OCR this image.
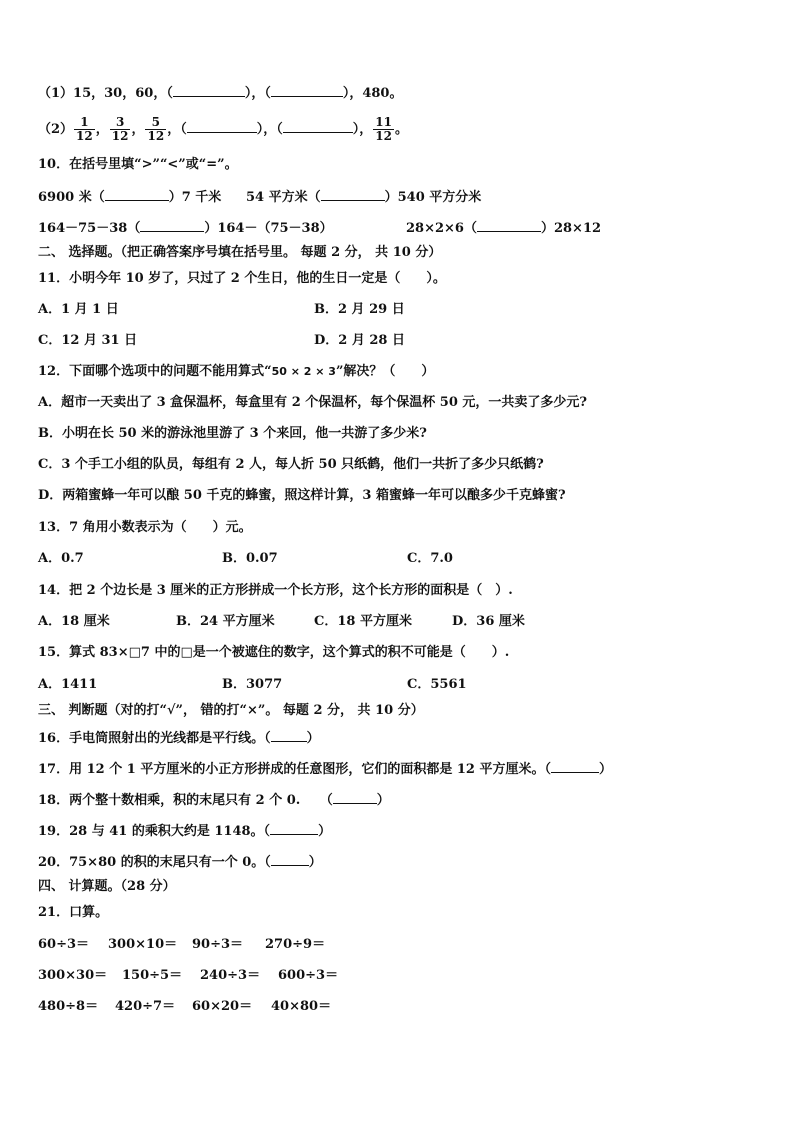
（1）15，30，60，（	），（	），480。
$(2) \frac{1}{12}$ ， $\frac{3}{12}$ ， $\frac{5}{12}$ ，（	），（	）， $\frac{11}{12}$ 。
10．在括号里填“>”“<”或“=”。
6900 米（	）7 千米 54 平方米（	）540 平方分米
164－75－38（	）164－（75－38）	28×2×6（	）28×12
二、 选择题。（把正确答案序号填在括号里。 每题 2 分， 共 10 分）
11．小明今年 10 岁了，只过了 2 个生日，他的生日一定是（　　）。
A．1 月 1 日	B．2 月 29 日
C．12 月 31 日	D．2 月 28 日
12．下面哪个选项中的问题不能用算式“50 × 2 × 3”解决？（　　）
A．超市一天卖出了 3 盒保温杯，每盒里有 2 个保温杯，每个保温杯 50 元，一共卖了多少元?
B．小明在长 50 米的游泳池里游了 3 个来回，他一共游了多少米?
C．3 个手工小组的队员，每组有 2 人，每人折 50 只纸鹤，他们一共折了多少只纸鹤?
D．两箱蜜蜂一年可以酿 50 千克的蜂蜜，照这样计算，3 箱蜜蜂一年可以酿多少千克蜂蜜?
13．7 角用小数表示为（　　）元。
A．0.7	B．0.07	C．7.0
14．把 2 个边长是 3 厘米的正方形拼成一个长方形，这个长方形的面积是（　）.
A．18 厘米	B．24 平方厘米	C．18 平方厘米	D．36 厘米
15．算式 83×□7 中的□是一个被遮住的数字，这个算式的积不可能是（　　）.
A．1411	B．3077	C．5561
三、 判断题（对的打“√”， 错的打“×”。 每题 2 分， 共 10 分）
16．手电筒照射出的光线都是平行线。（	）
17．用 12 个 1 平方厘米的小正方形拼成的任意图形，它们的面积都是 12 平方厘米。（	）
18．两个整十数相乘，积的末尾只有 2 个 0.　　（	）
19．28 与 41 的乘积大约是 1148。（	）
20．75×80 的积的末尾只有一个 0。（	）
四、 计算题。（28 分）
21．口算。
60÷3＝ 300×10＝ 90÷3＝ 270÷9＝
300×30＝ 150÷5＝ 240÷3＝ 600÷3＝
480÷8＝ 420÷7＝ 60×20＝ 40×80＝
